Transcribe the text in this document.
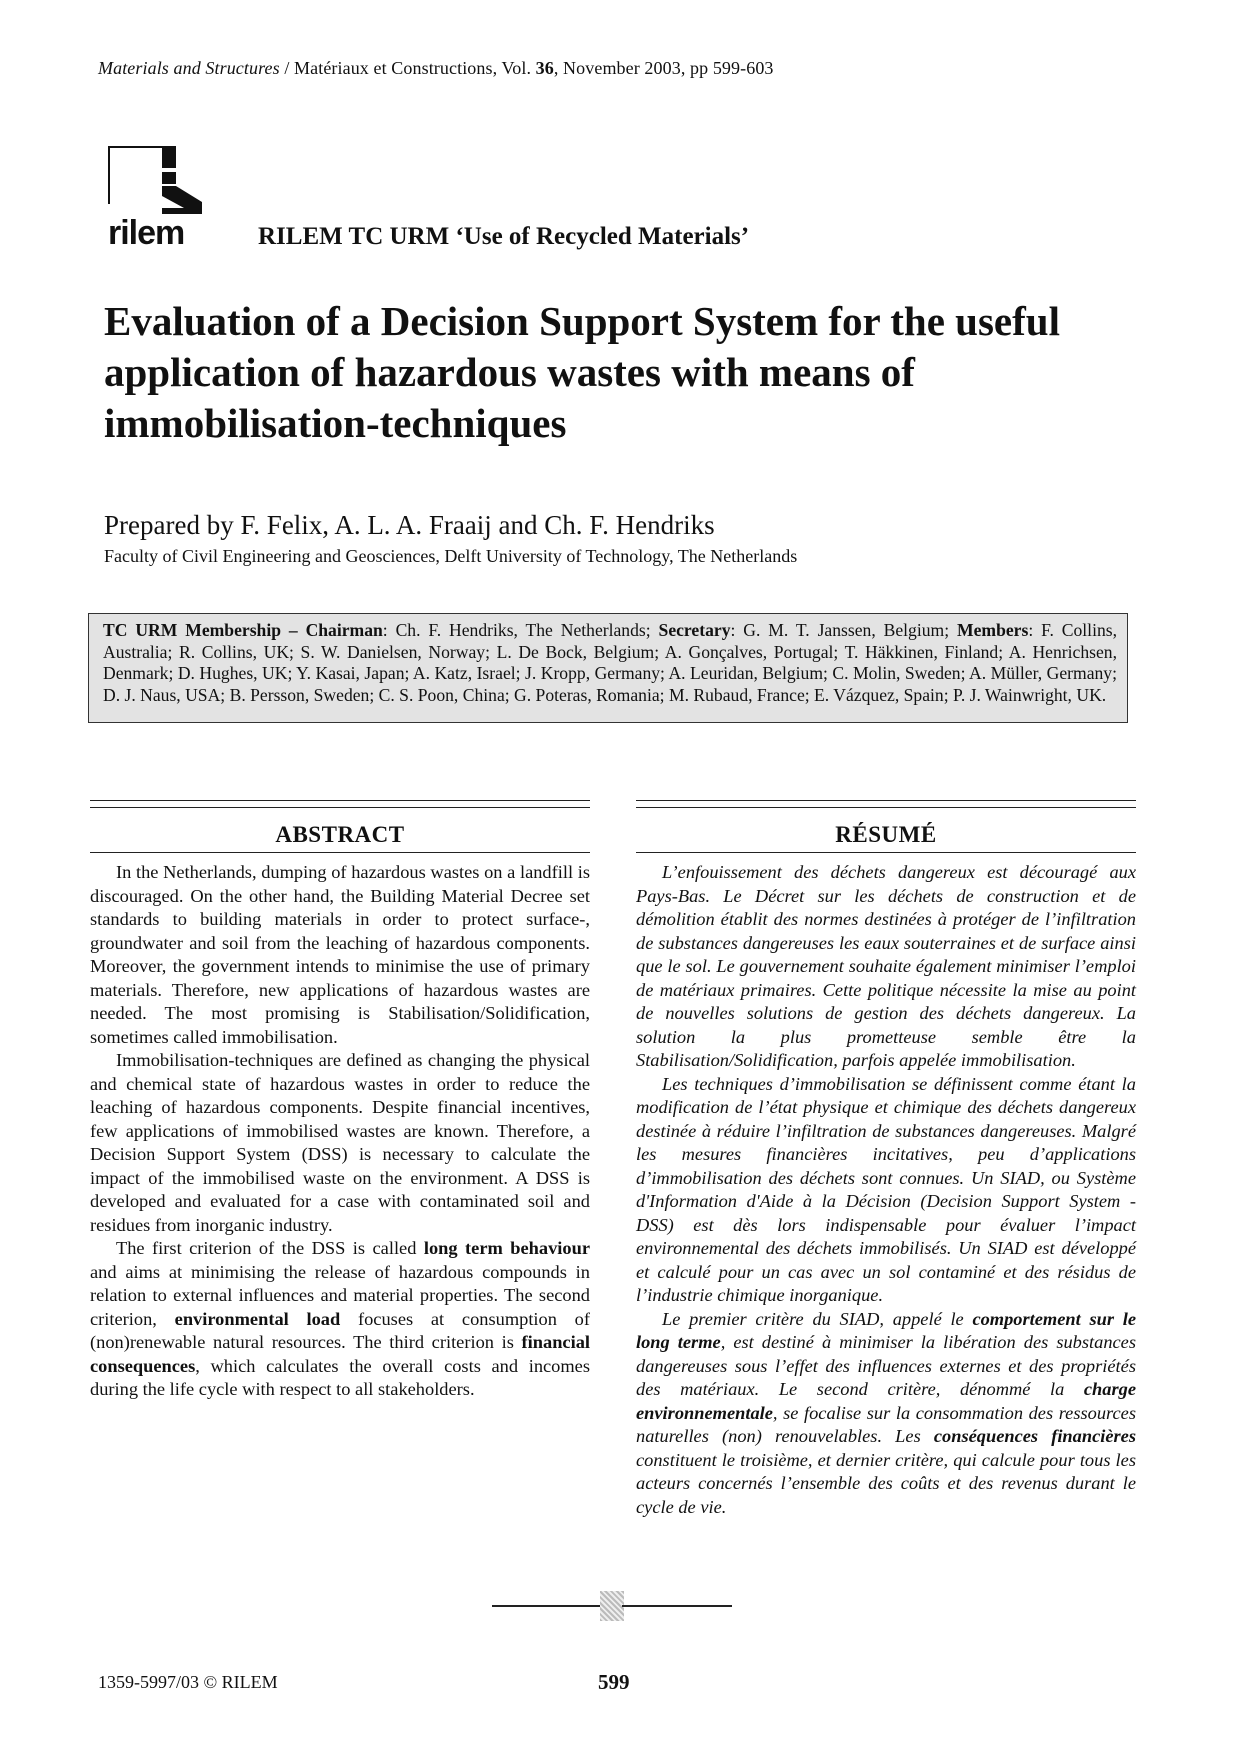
Materials and Structures / Matériaux et Constructions, Vol. 36, November 2003, pp 599-603
rilem	RILEM TC URM ‘Use of Recycled Materials’
Evaluation of a Decision Support System for the useful application of hazardous wastes with means of immobilisation-techniques
Prepared by F. Felix, A. L. A. Fraaij and Ch. F. Hendriks
Faculty of Civil Engineering and Geosciences, Delft University of Technology, The Netherlands
TC URM Membership – Chairman: Ch. F. Hendriks, The Netherlands; Secretary: G. M. T. Janssen, Belgium; Members: F. Collins, Australia; R. Collins, UK; S. W. Danielsen, Norway; L. De Bock, Belgium; A. Gonçalves, Portugal; T. Häkkinen, Finland; A. Henrichsen, Denmark; D. Hughes, UK; Y. Kasai, Japan; A. Katz, Israel; J. Kropp, Germany; A. Leuridan, Belgium; C. Molin, Sweden; A. Müller, Germany; D. J. Naus, USA; B. Persson, Sweden; C. S. Poon, China; G. Poteras, Romania; M. Rubaud, France; E. Vázquez, Spain; P. J. Wainwright, UK.
ABSTRACT

In the Netherlands, dumping of hazardous wastes on a landfill is discouraged. On the other hand, the Building Material Decree set standards to building materials in order to protect surface-, groundwater and soil from the leaching of hazardous components. Moreover, the government intends to minimise the use of primary materials. Therefore, new applications of hazardous wastes are needed. The most promising is Stabilisation/Solidification, sometimes called immobilisation.

Immobilisation-techniques are defined as changing the physical and chemical state of hazardous wastes in order to reduce the leaching of hazardous components. Despite financial incentives, few applications of immobilised wastes are known. Therefore, a Decision Support System (DSS) is necessary to calculate the impact of the immobilised waste on the environment. A DSS is developed and evaluated for a case with contaminated soil and residues from inorganic industry.

The first criterion of the DSS is called long term behaviour and aims at minimising the release of hazardous compounds in relation to external influences and material properties. The second criterion, environmental load focuses at consumption of (non)renewable natural resources. The third criterion is financial consequences, which calculates the overall costs and incomes during the life cycle with respect to all stakeholders.

RÉSUMÉ

L’enfouissement des déchets dangereux est découragé aux Pays-Bas. Le Décret sur les déchets de construction et de démolition établit des normes destinées à protéger de l’infiltration de substances dangereuses les eaux souterraines et de surface ainsi que le sol. Le gouvernement souhaite également minimiser l’emploi de matériaux primaires. Cette politique nécessite la mise au point de nouvelles solutions de gestion des déchets dangereux. La solution la plus prometteuse semble être la Stabilisation/Solidification, parfois appelée immobilisation.

Les techniques d’immobilisation se définissent comme étant la modification de l’état physique et chimique des déchets dangereux destinée à réduire l’infiltration de substances dangereuses. Malgré les mesures financières incitatives, peu d’applications d’immobilisation des déchets sont connues. Un SIAD, ou Système d'Information d'Aide à la Décision (Decision Support System - DSS) est dès lors indispensable pour évaluer l’impact environnemental des déchets immobilisés. Un SIAD est développé et calculé pour un cas avec un sol contaminé et des résidus de l’industrie chimique inorganique.

Le premier critère du SIAD, appelé le comportement sur le long terme, est destiné à minimiser la libération des substances dangereuses sous l’effet des influences externes et des propriétés des matériaux. Le second critère, dénommé la charge environnementale, se focalise sur la consommation des ressources naturelles (non) renouvelables. Les conséquences financières constituent le troisième, et dernier critère, qui calcule pour tous les acteurs concernés l’ensemble des coûts et des revenus durant le cycle de vie.

1359-5997/03 © RILEM	599
